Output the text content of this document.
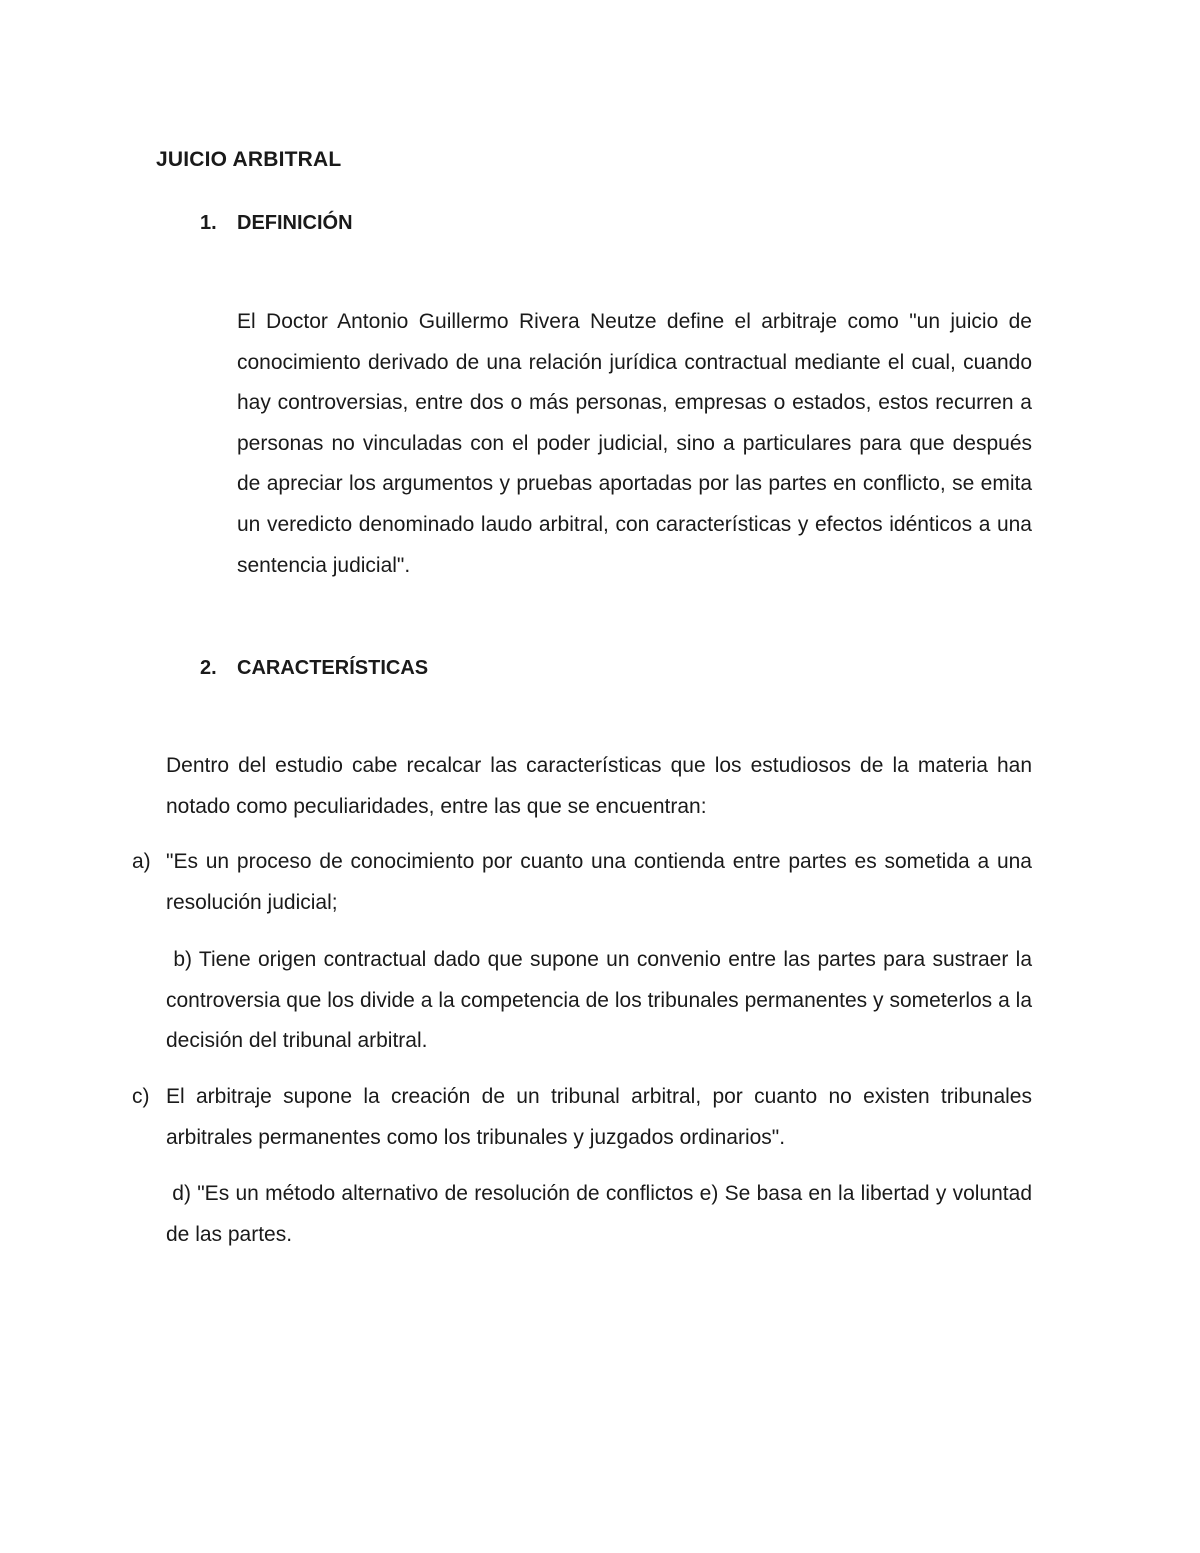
JUICIO ARBITRAL
1. DEFINICIÓN
El Doctor Antonio Guillermo Rivera Neutze define el arbitraje como "un juicio de conocimiento derivado de una relación jurídica contractual mediante el cual, cuando hay controversias, entre dos o más personas, empresas o estados, estos recurren a personas no vinculadas con el poder judicial, sino a particulares para que después de apreciar los argumentos y pruebas aportadas por las partes en conflicto, se emita un veredicto denominado laudo arbitral, con características y efectos idénticos a una sentencia judicial".
2. CARACTERÍSTICAS
Dentro del estudio cabe recalcar las características que los estudiosos de la materia han notado como peculiaridades, entre las que se encuentran:
a) "Es un proceso de conocimiento por cuanto una contienda entre partes es sometida a una resolución judicial;
b) Tiene origen contractual dado que supone un convenio entre las partes para sustraer la controversia que los divide a la competencia de los tribunales permanentes y someterlos a la decisión del tribunal arbitral.
c) El arbitraje supone la creación de un tribunal arbitral, por cuanto no existen tribunales arbitrales permanentes como los tribunales y juzgados ordinarios".
d) "Es un método alternativo de resolución de conflictos e) Se basa en la libertad y voluntad de las partes.
